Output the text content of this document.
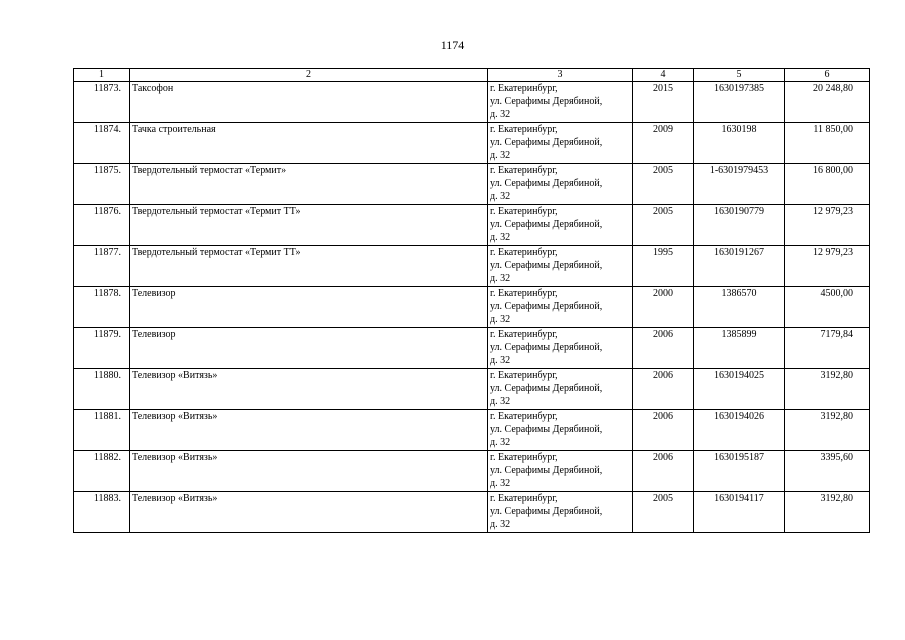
1174
1	2	3	4	5	6
11873.	Таксофон	г. Екатеринбург,
ул. Серафимы Дерябиной,
д. 32	2015	1630197385	20 248,80
11874.	Тачка строительная	г. Екатеринбург,
ул. Серафимы Дерябиной,
д. 32	2009	1630198	11 850,00
11875.	Твердотельный термостат «Термит»	г. Екатеринбург,
ул. Серафимы Дерябиной,
д. 32	2005	1-6301979453	16 800,00
11876.	Твердотельный термостат «Термит ТТ»	г. Екатеринбург,
ул. Серафимы Дерябиной,
д. 32	2005	1630190779	12 979,23
11877.	Твердотельный термостат «Термит ТТ»	г. Екатеринбург,
ул. Серафимы Дерябиной,
д. 32	1995	1630191267	12 979,23
11878.	Телевизор	г. Екатеринбург,
ул. Серафимы Дерябиной,
д. 32	2000	1386570	4500,00
11879.	Телевизор	г. Екатеринбург,
ул. Серафимы Дерябиной,
д. 32	2006	1385899	7179,84
11880.	Телевизор «Витязь»	г. Екатеринбург,
ул. Серафимы Дерябиной,
д. 32	2006	1630194025	3192,80
11881.	Телевизор «Витязь»	г. Екатеринбург,
ул. Серафимы Дерябиной,
д. 32	2006	1630194026	3192,80
11882.	Телевизор «Витязь»	г. Екатеринбург,
ул. Серафимы Дерябиной,
д. 32	2006	1630195187	3395,60
11883.	Телевизор «Витязь»	г. Екатеринбург,
ул. Серафимы Дерябиной,
д. 32	2005	1630194117	3192,80
